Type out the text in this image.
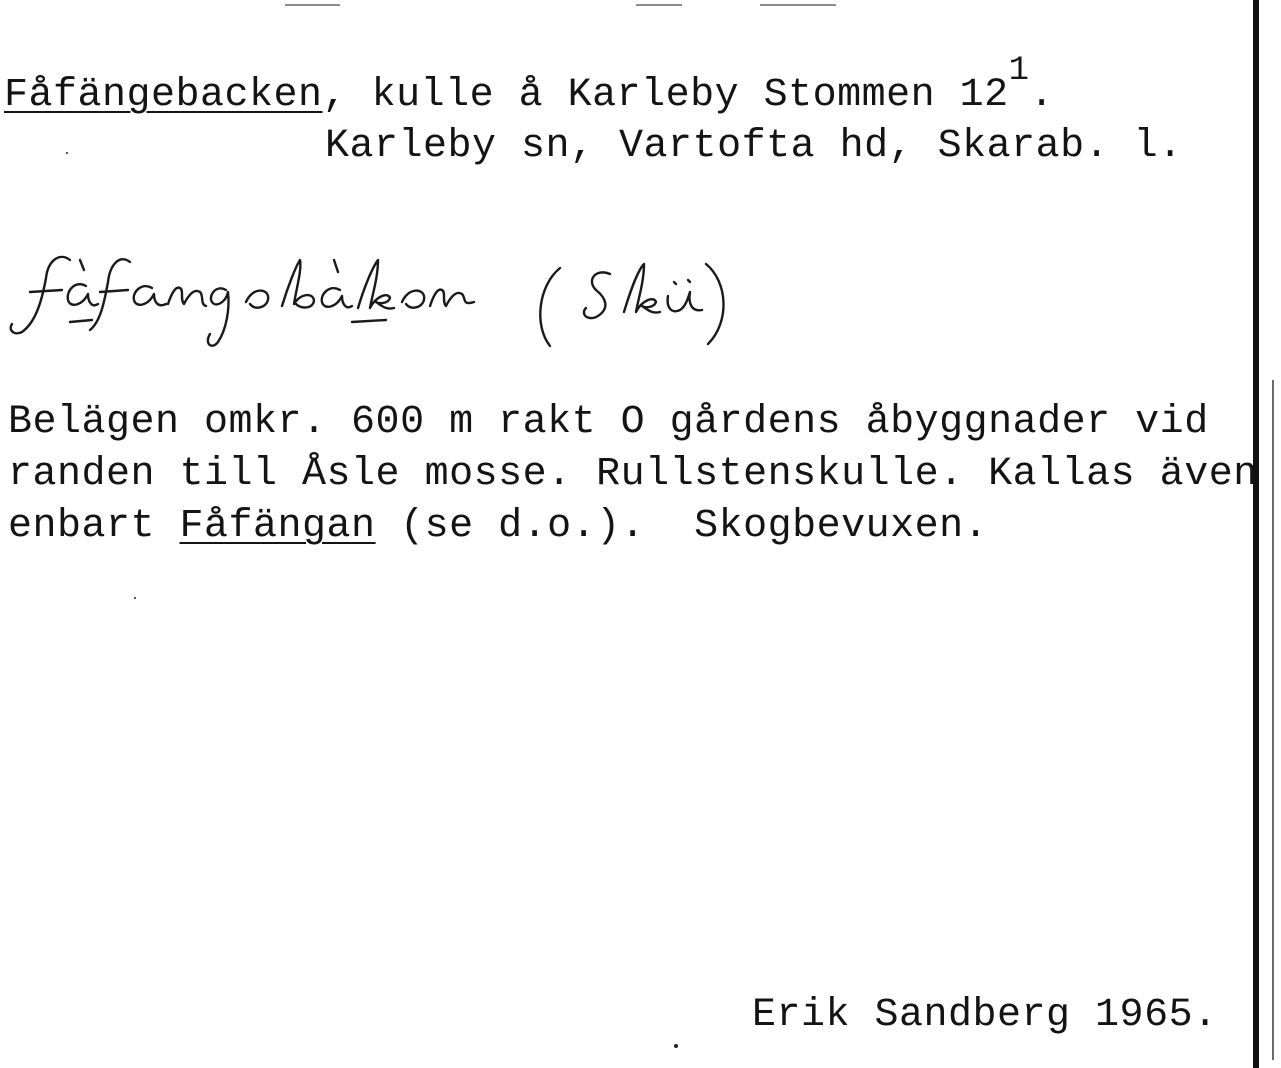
Fåfängebacken, kulle å Karleby Stommen $12^1$.
Karleby sn, Vartofta hd, Skarab. l.
Belägen omkr. 600 m rakt O gårdens åbyggnader vid
randen till Åsle mosse. Rullstenskulle. Kallas även
enbart Fåfängan (se d.o.).  Skogbevuxen.
Erik Sandberg 1965.
